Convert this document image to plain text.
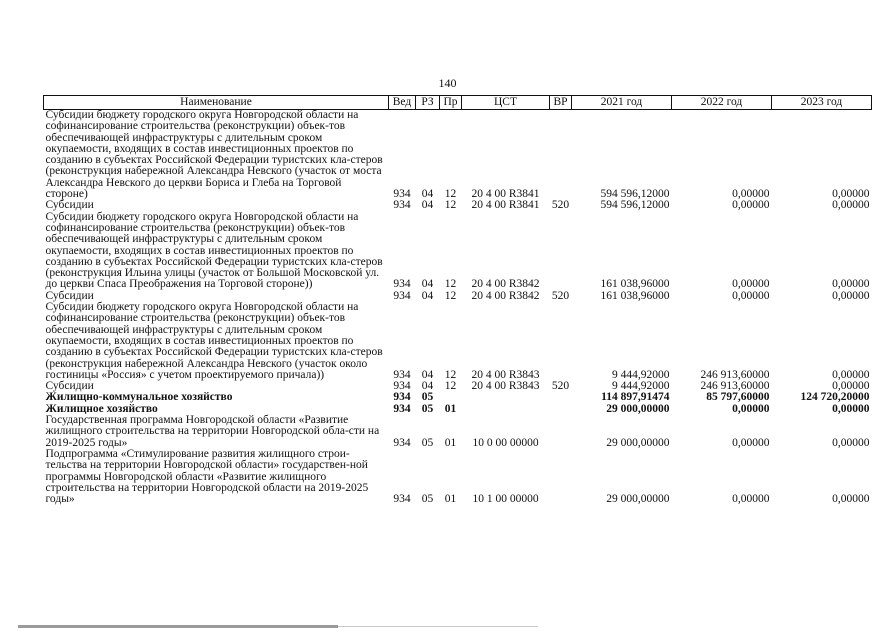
140
Наименование	Вед	РЗ	Пр	ЦСТ	ВР	2021 год	2022 год	2023 год
Субсидии бюджету городского округа Новгородской области на софинансирование строительства (реконструкции) объек-тов обеспечивающей инфраструктуры с длительным сроком окупаемости, входящих в состав инвестиционных проектов по созданию в субъектах Российской Федерации туристских кла-стеров (реконструкция набережной Александра Невского (участок от моста Александра Невского до церкви Бориса и Глеба на Торговой стороне)	934	04	12	20 4 00 R3841		594 596,12000	0,00000	0,00000
Субсидии	934	04	12	20 4 00 R3841	520	594 596,12000	0,00000	0,00000
Субсидии бюджету городского округа Новгородской области на софинансирование строительства (реконструкции) объек-тов обеспечивающей инфраструктуры с длительным сроком окупаемости, входящих в состав инвестиционных проектов по созданию в субъектах Российской Федерации туристских кла-стеров (реконструкция Ильина улицы (участок от Большой Московской ул. до церкви Спаса Преображения на Торговой стороне))	934	04	12	20 4 00 R3842		161 038,96000	0,00000	0,00000
Субсидии	934	04	12	20 4 00 R3842	520	161 038,96000	0,00000	0,00000
Субсидии бюджету городского округа Новгородской области на софинансирование строительства (реконструкции) объек-тов обеспечивающей инфраструктуры с длительным сроком окупаемости, входящих в состав инвестиционных проектов по созданию в субъектах Российской Федерации туристских кла-стеров (реконструкция набережной Александра Невского (участок около гостиницы «Россия» с учетом проектируемого причала))	934	04	12	20 4 00 R3843		9 444,92000	246 913,60000	0,00000
Субсидии	934	04	12	20 4 00 R3843	520	9 444,92000	246 913,60000	0,00000
Жилищно-коммунальное хозяйство	934	05				114 897,91474	85 797,60000	124 720,20000
Жилищное хозяйство	934	05	01			29 000,00000	0,00000	0,00000
Государственная программа Новгородской области «Развитие жилищного строительства на территории Новгородской обла-сти на 2019-2025 годы»	934	05	01	10 0 00 00000		29 000,00000	0,00000	0,00000
Подпрограмма «Стимулирование развития жилищного строи-тельства на территории Новгородской области» государствен-ной программы Новгородской области «Развитие жилищного строительства на территории Новгородской области на 2019-2025 годы»	934	05	01	10 1 00 00000		29 000,00000	0,00000	0,00000
